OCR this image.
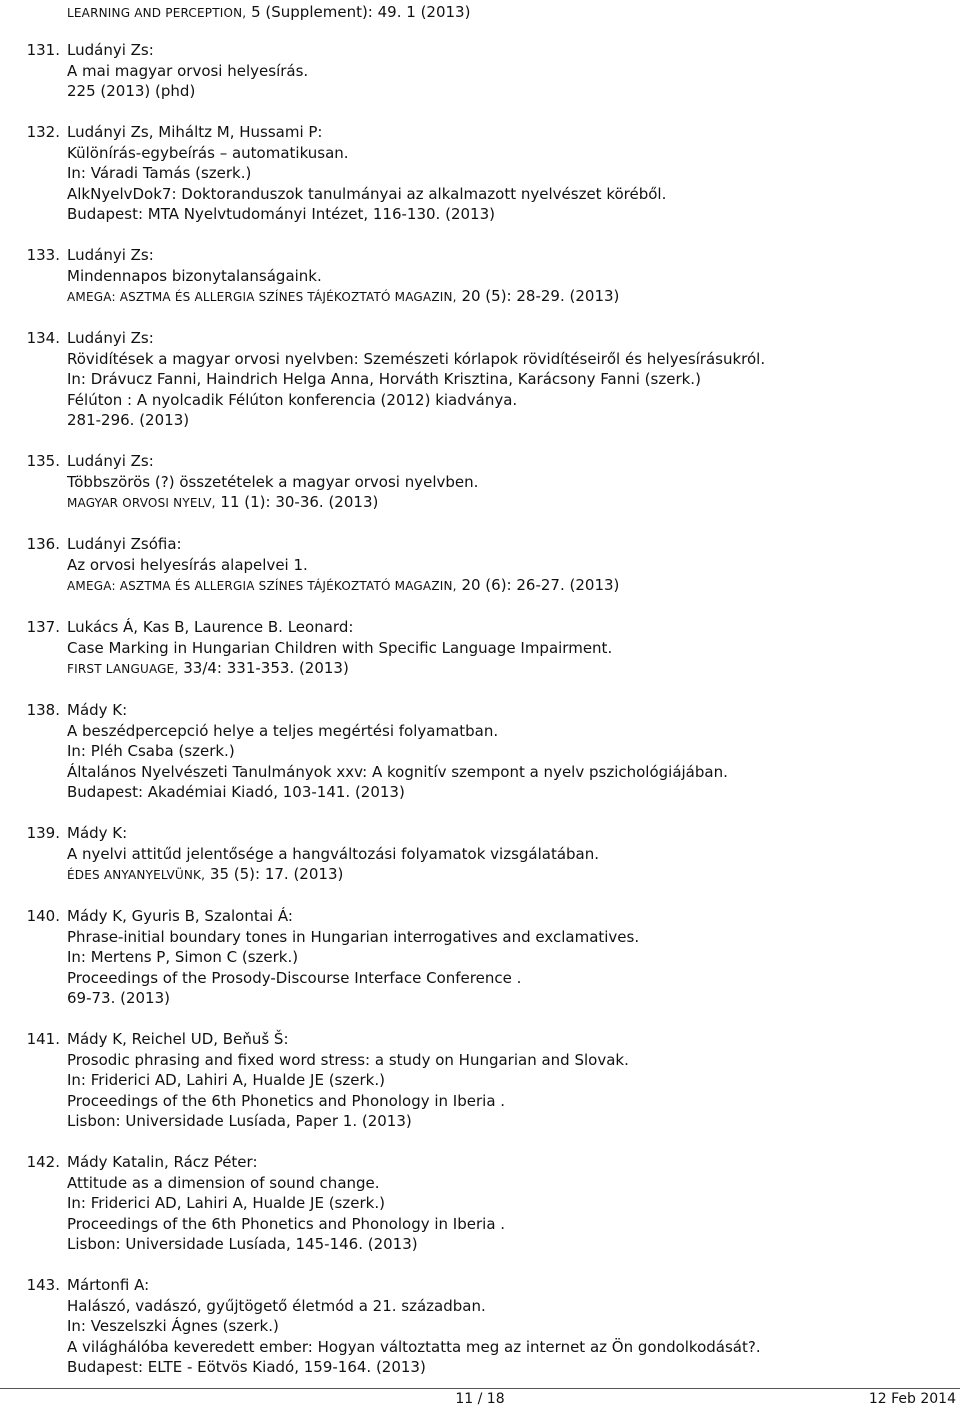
LEARNING AND PERCEPTION, 5 (Supplement): 49. 1 (2013)
131. Ludányi Zs:
A mai magyar orvosi helyesírás.
225 (2013) (phd)
132. Ludányi Zs, Miháltz M, Hussami P:
Különírás-egybeírás – automatikusan.
In: Váradi Tamás (szerk.)
AlkNyelvDok7: Doktoranduszok tanulmányai az alkalmazott nyelvészet köréből.
Budapest: MTA Nyelvtudományi Intézet, 116-130. (2013)
133. Ludányi Zs:
Mindennapos bizonytalanságaink.
AMEGA: ASZTMA ÉS ALLERGIA SZÍNES TÁJÉKOZTATÓ MAGAZIN, 20 (5): 28-29. (2013)
134. Ludányi Zs:
Rövidítések a magyar orvosi nyelvben: Szemészeti kórlapok rövidítéseiről és helyesírásukról.
In: Drávucz Fanni, Haindrich Helga Anna, Horváth Krisztina, Karácsony Fanni (szerk.)
Félúton : A nyolcadik Félúton konferencia (2012) kiadványa.
281-296. (2013)
135. Ludányi Zs:
Többszörös (?) összetételek a magyar orvosi nyelvben.
MAGYAR ORVOSI NYELV, 11 (1): 30-36. (2013)
136. Ludányi Zsófia:
Az orvosi helyesírás alapelvei 1.
AMEGA: ASZTMA ÉS ALLERGIA SZÍNES TÁJÉKOZTATÓ MAGAZIN, 20 (6): 26-27. (2013)
137. Lukács Á, Kas B, Laurence B. Leonard:
Case Marking in Hungarian Children with Specific Language Impairment.
FIRST LANGUAGE, 33/4: 331-353. (2013)
138. Mády K:
A beszédpercepció helye a teljes megértési folyamatban.
In: Pléh Csaba (szerk.)
Általános Nyelvészeti Tanulmányok xxv: A kognitív szempont a nyelv pszichológiájában.
Budapest: Akadémiai Kiadó, 103-141. (2013)
139. Mády K:
A nyelvi attitűd jelentősége a hangváltozási folyamatok vizsgálatában.
ÉDES ANYANYELVÜNK, 35 (5): 17. (2013)
140. Mády K, Gyuris B, Szalontai Á:
Phrase-initial boundary tones in Hungarian interrogatives and exclamatives.
In: Mertens P, Simon C (szerk.)
Proceedings of the Prosody-Discourse Interface Conference .
69-73. (2013)
141. Mády K, Reichel UD, Beňuš Š:
Prosodic phrasing and fixed word stress: a study on Hungarian and Slovak.
In: Friderici AD, Lahiri A, Hualde JE (szerk.)
Proceedings of the 6th Phonetics and Phonology in Iberia .
Lisbon: Universidade Lusíada, Paper 1. (2013)
142. Mády Katalin, Rácz Péter:
Attitude as a dimension of sound change.
In: Friderici AD, Lahiri A, Hualde JE (szerk.)
Proceedings of the 6th Phonetics and Phonology in Iberia .
Lisbon: Universidade Lusíada, 145-146. (2013)
143. Mártonfi A:
Halászó, vadászó, gyűjtögető életmód a 21. században.
In: Veszelszki Ágnes (szerk.)
A világhálóba keveredett ember: Hogyan változtatta meg az internet az Ön gondolkodását?.
Budapest: ELTE - Eötvös Kiadó, 159-164. (2013)
11 / 18	12 Feb 2014
